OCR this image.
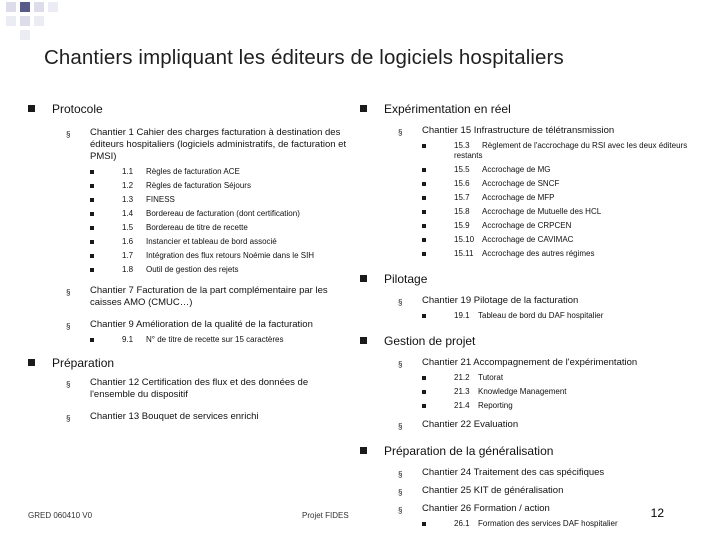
Chantiers impliquant les éditeurs de logiciels hospitaliers
Protocole
§	Chantier 1 Cahier des charges facturation à destination des éditeurs hospitaliers (logiciels administratifs, de facturation et PMSI)
1.1 Règles de facturation ACE
1.2 Règles de facturation Séjours
1.3 FINESS
1.4 Bordereau de facturation (dont certification)
1.5 Bordereau de titre de recette
1.6 Instancier et tableau de bord associé
1.7 Intégration des flux retours Noémie dans le SIH
1.8 Outil de gestion des rejets
§	Chantier 7 Facturation de la part complémentaire par les caisses AMO (CMUC…)
§	Chantier 9 Amélioration de la qualité de la facturation
9.1 N° de titre de recette sur 15 caractères
Préparation
§	Chantier 12 Certification des flux et des données de l'ensemble du dispositif
§	Chantier 13 Bouquet de services enrichi
Expérimentation en réel
§	Chantier 15 Infrastructure de télétransmission
15.3 Règlement de l'accrochage du RSI avec les deux éditeurs restants
15.5 Accrochage de MG
15.6 Accrochage de SNCF
15.7 Accrochage de MFP
15.8 Accrochage de Mutuelle des HCL
15.9 Accrochage de CRPCEN
15.10 Accrochage de CAVIMAC
15.11 Accrochage des autres régimes
Pilotage
§	Chantier 19 Pilotage de la facturation
19.1 Tableau de bord du DAF hospitalier
Gestion de projet
§	Chantier 21 Accompagnement de l'expérimentation
21.2 Tutorat
21.3 Knowledge Management
21.4 Reporting
§	Chantier 22 Evaluation
Préparation de la généralisation
§	Chantier 24 Traitement des cas spécifiques
§	Chantier 25 KIT de généralisation
§	Chantier 26 Formation / action
26.1 Formation des services DAF hospitalier
GRED 060410 V0	Projet FIDES	12
